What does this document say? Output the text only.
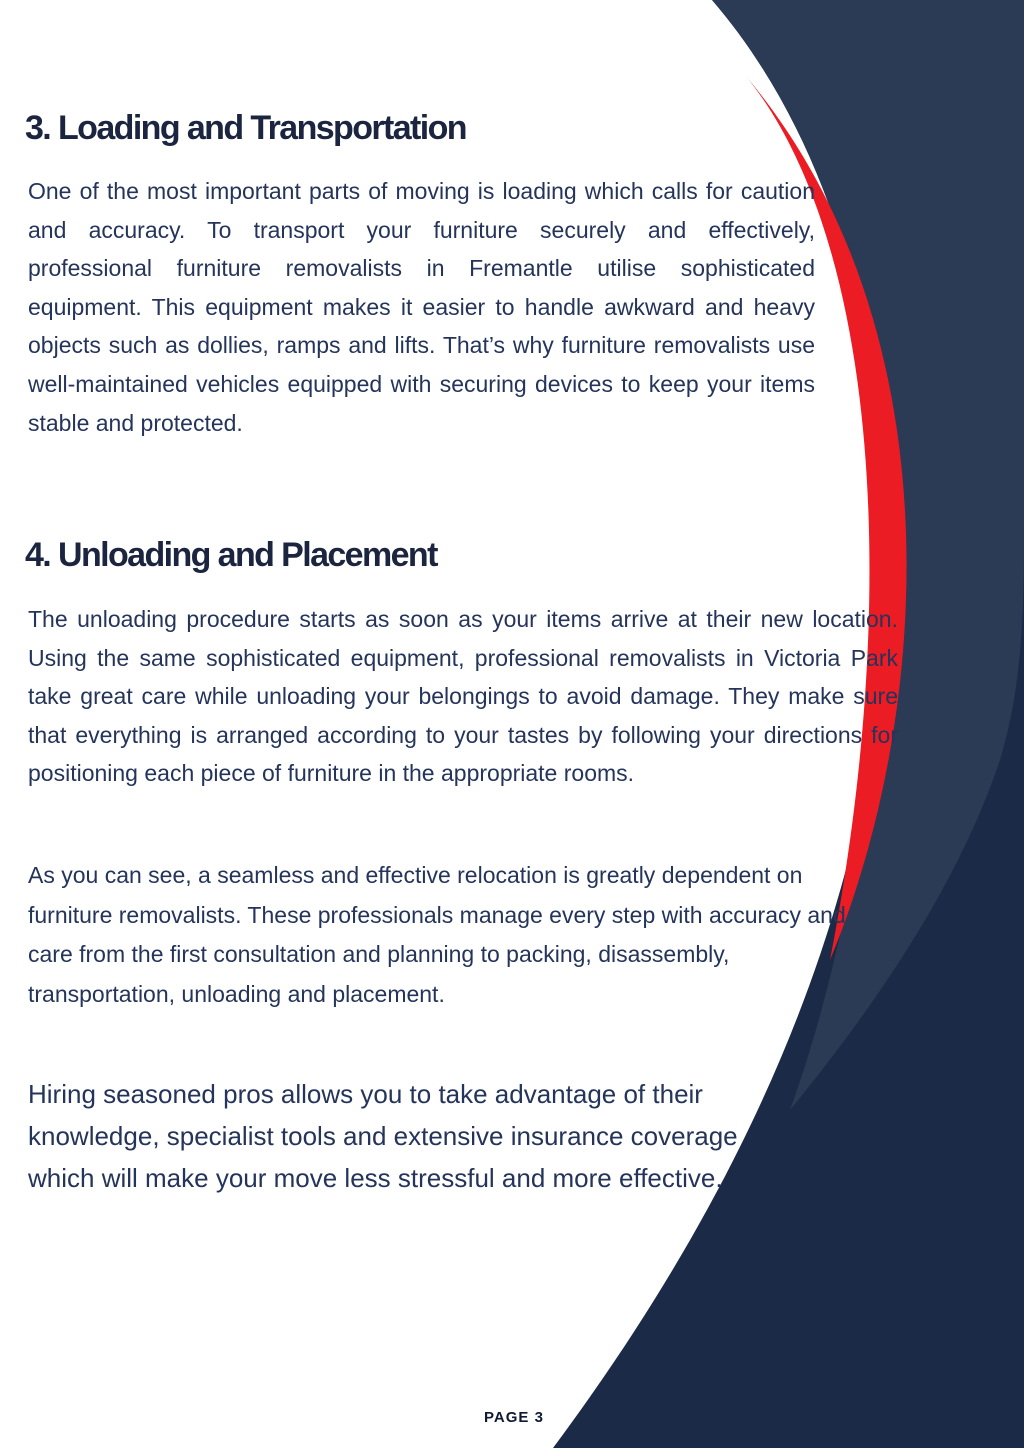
3. Loading and Transportation

One of the most important parts of moving is loading which calls for caution and accuracy. To transport your furniture securely and effectively, professional furniture removalists in Fremantle utilise sophisticated equipment. This equipment makes it easier to handle awkward and heavy objects such as dollies, ramps and lifts. That’s why furniture removalists use well-maintained vehicles equipped with securing devices to keep your items stable and protected.

4. Unloading and Placement

The unloading procedure starts as soon as your items arrive at their new location. Using the same sophisticated equipment, professional removalists in Victoria Park take great care while unloading your belongings to avoid damage. They make sure that everything is arranged according to your tastes by following your directions for positioning each piece of furniture in the appropriate rooms.

As you can see, a seamless and effective relocation is greatly dependent on furniture removalists. These professionals manage every step with accuracy and care from the first consultation and planning to packing, disassembly, transportation, unloading and placement.

Hiring seasoned pros allows you to take advantage of their knowledge, specialist tools and extensive insurance coverage which will make your move less stressful and more effective.

PAGE 3
